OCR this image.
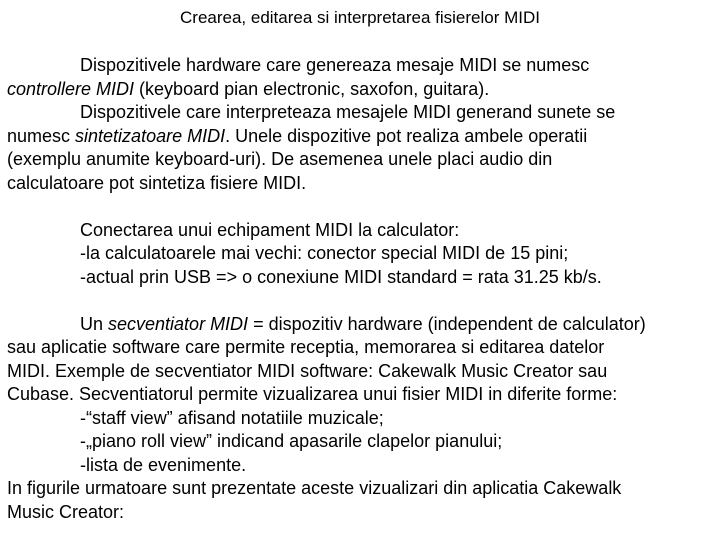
Crearea, editarea si interpretarea fisierelor MIDI
Dispozitivele hardware care genereaza mesaje MIDI se numesc
controllere MIDI (keyboard pian electronic, saxofon, guitara).
Dispozitivele care interpreteaza mesajele MIDI generand sunete se
numesc sintetizatoare MIDI. Unele dispozitive pot realiza ambele operatii
(exemplu anumite keyboard-uri). De asemenea unele placi audio din
calculatoare pot sintetiza fisiere MIDI.
Conectarea unui echipament MIDI la calculator:
-la calculatoarele mai vechi: conector special MIDI de 15 pini;
-actual prin USB => o conexiune MIDI standard = rata 31.25 kb/s.
Un secventiator MIDI = dispozitiv hardware (independent de calculator)
sau aplicatie software care permite receptia, memorarea si editarea datelor
MIDI. Exemple de secventiator MIDI software: Cakewalk Music Creator sau
Cubase. Secventiatorul permite vizualizarea unui fisier MIDI in diferite forme:
-“staff view” afisand notatiile muzicale;
-„piano roll view” indicand apasarile clapelor pianului;
-lista de evenimente.
In figurile urmatoare sunt prezentate aceste vizualizari din aplicatia Cakewalk
Music Creator:
